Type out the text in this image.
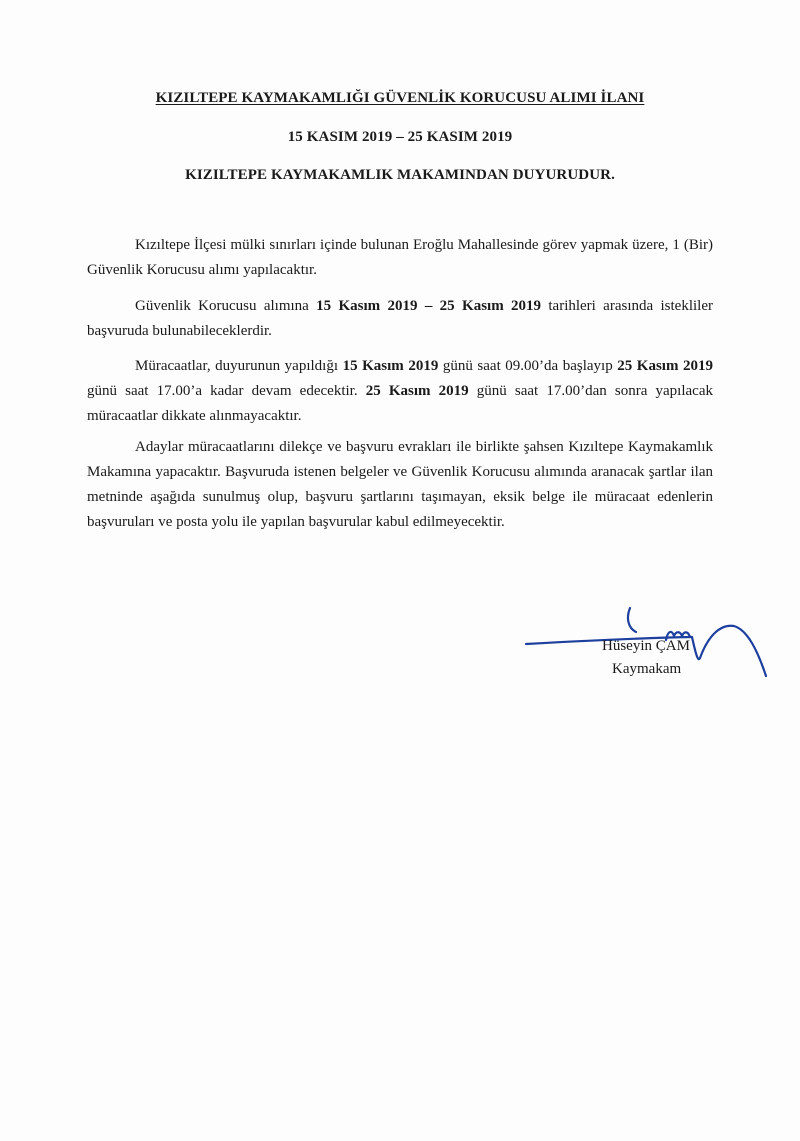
KIZILTEPE KAYMAKAMLIĞI GÜVENLİK KORUCUSU ALIMI İLANI
15 KASIM 2019 – 25 KASIM 2019
KIZILTEPE KAYMAKAMLIK MAKAMINDAN DUYURUDUR.

Kızıltepe İlçesi mülki sınırları içinde bulunan Eroğlu Mahallesinde görev yapmak üzere, 1 (Bir) Güvenlik Korucusu alımı yapılacaktır.

Güvenlik Korucusu alımına 15 Kasım 2019 – 25 Kasım 2019 tarihleri arasında istekliler başvuruda bulunabileceklerdir.

Müracaatlar, duyurunun yapıldığı 15 Kasım 2019 günü saat 09.00’da başlayıp 25 Kasım 2019 günü saat 17.00’a kadar devam edecektir. 25 Kasım 2019 günü saat 17.00’dan sonra yapılacak müracaatlar dikkate alınmayacaktır.

Adaylar müracaatlarını dilekçe ve başvuru evrakları ile birlikte şahsen Kızıltepe Kaymakamlık Makamına yapacaktır. Başvuruda istenen belgeler ve Güvenlik Korucusu alımında aranacak şartlar ilan metninde aşağıda sunulmuş olup, başvuru şartlarını taşımayan, eksik belge ile müracaat edenlerin başvuruları ve posta yolu ile yapılan başvurular kabul edilmeyecektir.

Hüseyin ÇAM
Kaymakam
